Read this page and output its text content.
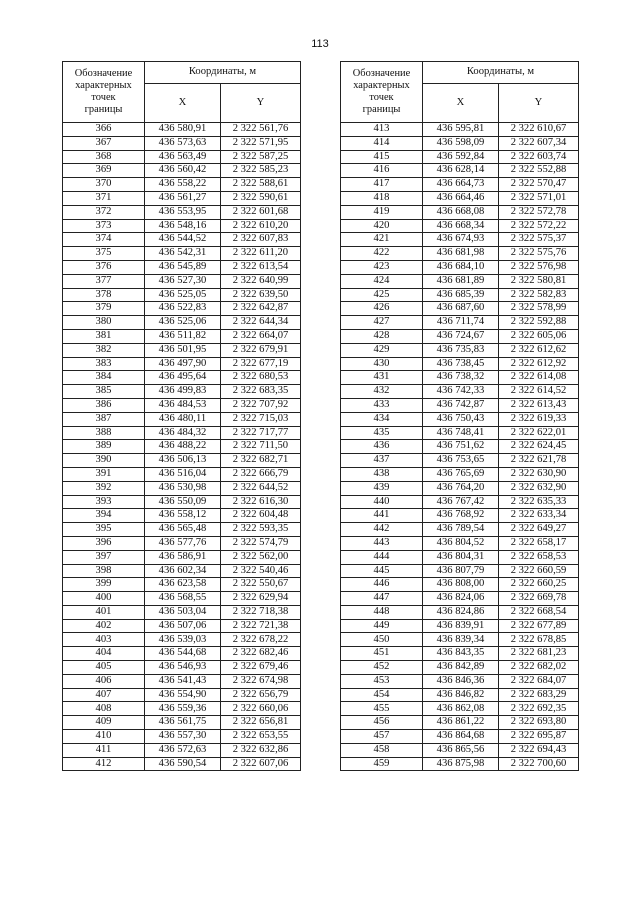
113
Обозначение
характерных
точек
границы	Координаты, м	
	X	Y
366	436 580,91	2 322 561,76
367	436 573,63	2 322 571,95
368	436 563,49	2 322 587,25
369	436 560,42	2 322 585,23
370	436 558,22	2 322 588,61
371	436 561,27	2 322 590,61
372	436 553,95	2 322 601,68
373	436 548,16	2 322 610,20
374	436 544,52	2 322 607,83
375	436 542,31	2 322 611,20
376	436 545,89	2 322 613,54
377	436 527,30	2 322 640,99
378	436 525,05	2 322 639,50
379	436 522,83	2 322 642,87
380	436 525,06	2 322 644,34
381	436 511,82	2 322 664,07
382	436 501,95	2 322 679,91
383	436 497,90	2 322 677,19
384	436 495,64	2 322 680,53
385	436 499,83	2 322 683,35
386	436 484,53	2 322 707,92
387	436 480,11	2 322 715,03
388	436 484,32	2 322 717,77
389	436 488,22	2 322 711,50
390	436 506,13	2 322 682,71
391	436 516,04	2 322 666,79
392	436 530,98	2 322 644,52
393	436 550,09	2 322 616,30
394	436 558,12	2 322 604,48
395	436 565,48	2 322 593,35
396	436 577,76	2 322 574,79
397	436 586,91	2 322 562,00
398	436 602,34	2 322 540,46
399	436 623,58	2 322 550,67
400	436 568,55	2 322 629,94
401	436 503,04	2 322 718,38
402	436 507,06	2 322 721,38
403	436 539,03	2 322 678,22
404	436 544,68	2 322 682,46
405	436 546,93	2 322 679,46
406	436 541,43	2 322 674,98
407	436 554,90	2 322 656,79
408	436 559,36	2 322 660,06
409	436 561,75	2 322 656,81
410	436 557,30	2 322 653,55
411	436 572,63	2 322 632,86
412	436 590,54	2 322 607,06
Обозначение
характерных
точек
границы	Координаты, м	
	X	Y
413	436 595,81	2 322 610,67
414	436 598,09	2 322 607,34
415	436 592,84	2 322 603,74
416	436 628,14	2 322 552,88
417	436 664,73	2 322 570,47
418	436 664,46	2 322 571,01
419	436 668,08	2 322 572,78
420	436 668,34	2 322 572,22
421	436 674,93	2 322 575,37
422	436 681,98	2 322 575,76
423	436 684,10	2 322 576,98
424	436 681,89	2 322 580,81
425	436 685,39	2 322 582,83
426	436 687,60	2 322 578,99
427	436 711,74	2 322 592,88
428	436 724,67	2 322 605,06
429	436 735,83	2 322 612,62
430	436 738,45	2 322 612,92
431	436 738,32	2 322 614,08
432	436 742,33	2 322 614,52
433	436 742,87	2 322 613,43
434	436 750,43	2 322 619,33
435	436 748,41	2 322 622,01
436	436 751,62	2 322 624,45
437	436 753,65	2 322 621,78
438	436 765,69	2 322 630,90
439	436 764,20	2 322 632,90
440	436 767,42	2 322 635,33
441	436 768,92	2 322 633,34
442	436 789,54	2 322 649,27
443	436 804,52	2 322 658,17
444	436 804,31	2 322 658,53
445	436 807,79	2 322 660,59
446	436 808,00	2 322 660,25
447	436 824,06	2 322 669,78
448	436 824,86	2 322 668,54
449	436 839,91	2 322 677,89
450	436 839,34	2 322 678,85
451	436 843,35	2 322 681,23
452	436 842,89	2 322 682,02
453	436 846,36	2 322 684,07
454	436 846,82	2 322 683,29
455	436 862,08	2 322 692,35
456	436 861,22	2 322 693,80
457	436 864,68	2 322 695,87
458	436 865,56	2 322 694,43
459	436 875,98	2 322 700,60
